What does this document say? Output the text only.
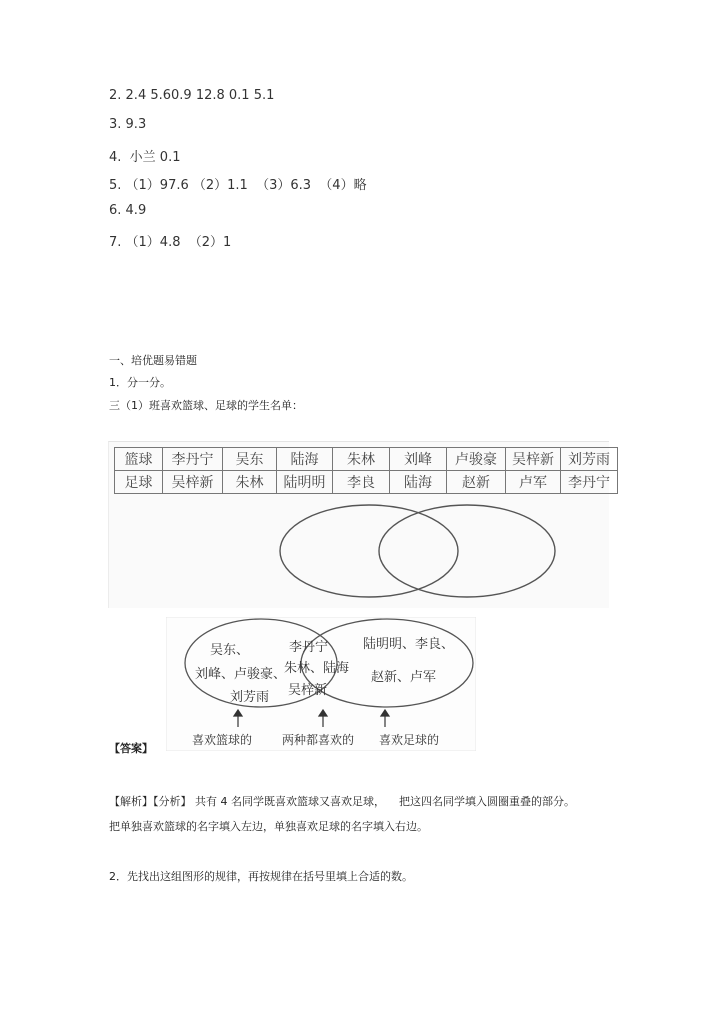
2. 2.4 5.60.9 12.8 0.1 5.1
3. 9.3
4.  小兰 0.1
5. （1）97.6 （2）1.1  （3）6.3  （4）略
6. 4.9
7. （1）4.8  （2）1
一、培优题易错题
1．分一分。
三（1）班喜欢篮球、足球的学生名单：
篮球	李丹宁	吴东	陆海	朱林	刘峰	卢骏豪	吴梓新	刘芳雨
足球	吴梓新	朱林	陆明明	李良	陆海	赵新	卢军	李丹宁
吴东、
刘峰、卢骏豪、
刘芳雨
李丹宁
朱林、陆海
吴梓新
陆明明、李良、
赵新、卢军
喜欢篮球的 两种都喜欢的 喜欢足球的
【答案】
【解析】【分析】 共有 4 名同学既喜欢篮球又喜欢足球，    把这四名同学填入圆圈重叠的部分。
把单独喜欢篮球的名字填入左边，单独喜欢足球的名字填入右边。
2．先找出这组图形的规律，再按规律在括号里填上合适的数。
